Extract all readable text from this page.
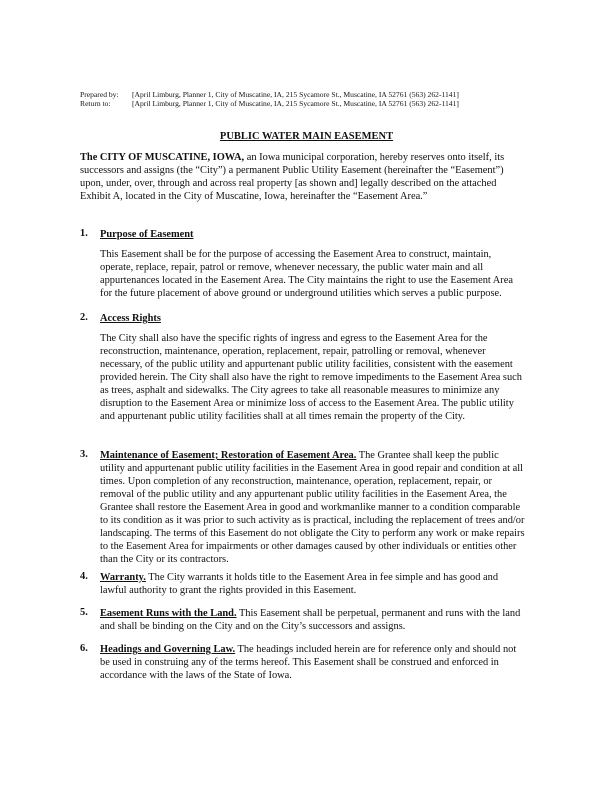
Prepared by: [April Limburg, Planner 1, City of Muscatine, IA, 215 Sycamore St., Muscatine, IA 52761 (563) 262-1141]
Return to:	[April Limburg, Planner 1, City of Muscatine, IA, 215 Sycamore St., Muscatine, IA 52761 (563) 262-1141]
PUBLIC WATER MAIN EASEMENT
The CITY OF MUSCATINE, IOWA, an Iowa municipal corporation, hereby reserves onto itself, its
successors and assigns (the “City”) a permanent Public Utility Easement (hereinafter the “Easement”)
upon, under, over, through and across real property [as shown and] legally described on the attached
Exhibit A, located in the City of Muscatine, Iowa, hereinafter the “Easement Area.”
1. Purpose of Easement
This Easement shall be for the purpose of accessing the Easement Area to construct, maintain,
operate, replace, repair, patrol or remove, whenever necessary, the public water main and all
appurtenances located in the Easement Area. The City maintains the right to use the Easement Area
for the future placement of above ground or underground utilities which serves a public purpose.
2. Access Rights
The City shall also have the specific rights of ingress and egress to the Easement Area for the
reconstruction, maintenance, operation, replacement, repair, patrolling or removal, whenever
necessary, of the public utility and appurtenant public utility facilities, consistent with the easement
provided herein. The City shall also have the right to remove impediments to the Easement Area such
as trees, asphalt and sidewalks. The City agrees to take all reasonable measures to minimize any
disruption to the Easement Area or minimize loss of access to the Easement Area. The public utility
and appurtenant public utility facilities shall at all times remain the property of the City.
3. Maintenance of Easement; Restoration of Easement Area. The Grantee shall keep the public
utility and appurtenant public utility facilities in the Easement Area in good repair and condition at all
times. Upon completion of any reconstruction, maintenance, operation, replacement, repair, or
removal of the public utility and any appurtenant public utility facilities in the Easement Area, the
Grantee shall restore the Easement Area in good and workmanlike manner to a condition comparable
to its condition as it was prior to such activity as is practical, including the replacement of trees and/or
landscaping. The terms of this Easement do not obligate the City to perform any work or make repairs
to the Easement Area for impairments or other damages caused by other individuals or entities other
than the City or its contractors.
4. Warranty. The City warrants it holds title to the Easement Area in fee simple and has good and
lawful authority to grant the rights provided in this Easement.
5. Easement Runs with the Land. This Easement shall be perpetual, permanent and runs with the land
and shall be binding on the City and on the City’s successors and assigns.
6. Headings and Governing Law. The headings included herein are for reference only and should not
be used in construing any of the terms hereof. This Easement shall be construed and enforced in
accordance with the laws of the State of Iowa.
